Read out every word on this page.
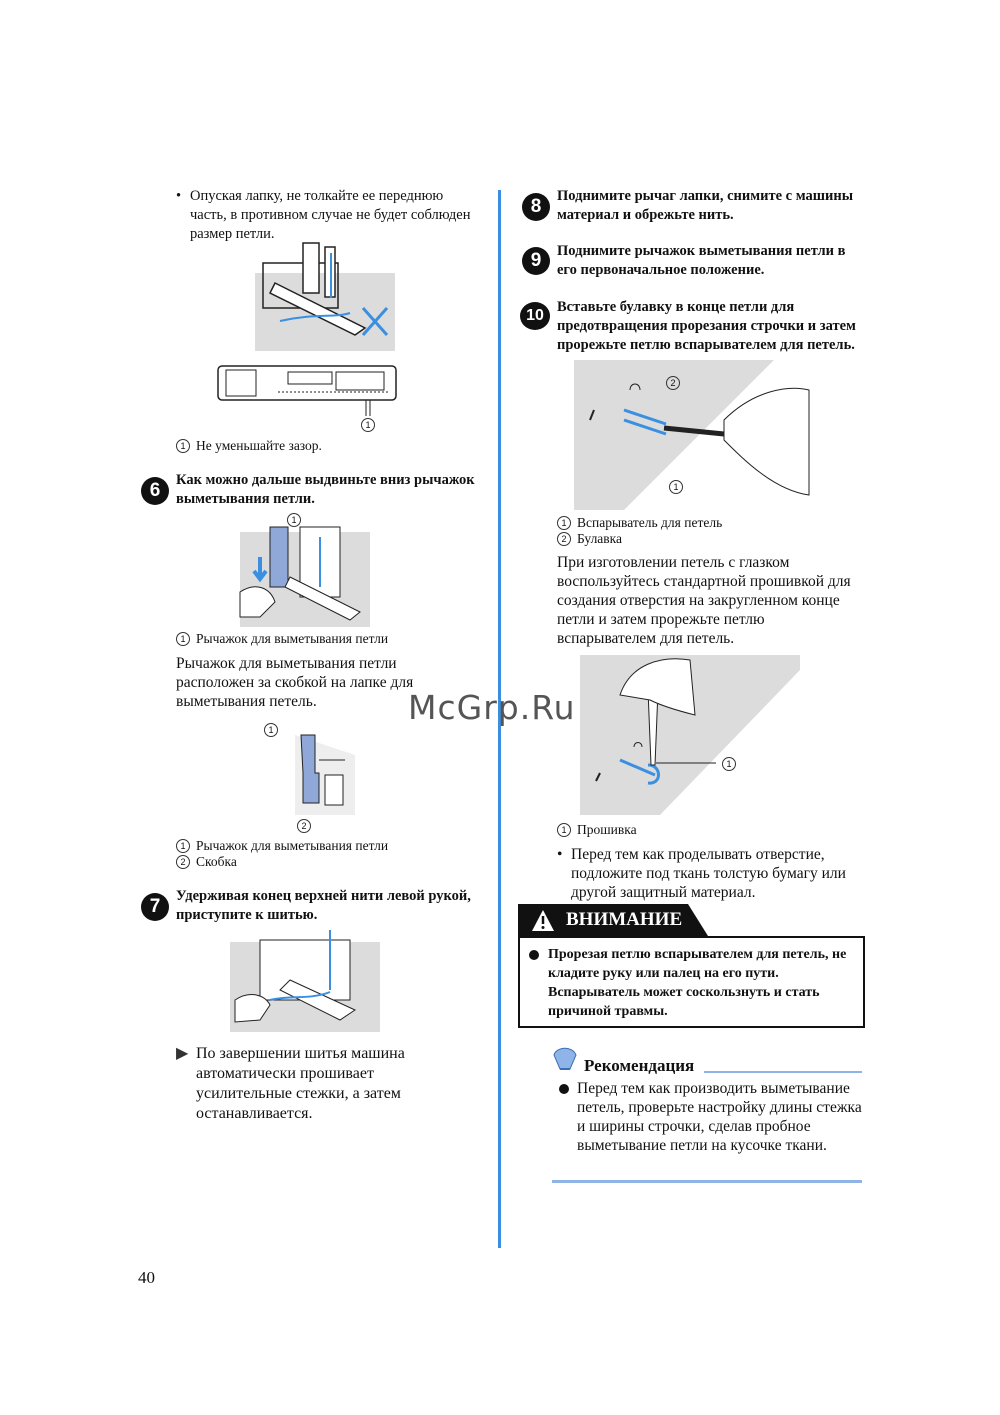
• Опуская лапку, не толкайте ее переднюю часть, в противном случае не будет соблюден размер петли.
1
1 Не уменьшайте зазор.
6	Как можно дальше выдвиньте вниз рычажок выметывания петли.
1
1 Рычажок для выметывания петли
Рычажок для выметывания петли расположен за скобкой на лапке для выметывания петель.
1
2
1 Рычажок для выметывания петли
2 Скобка
7	Удерживая конец верхней нити левой рукой, приступите к шитью.
▶ По завершении шитья машина автоматически прошивает усилительные стежки, а затем останавливается.
40
8	Поднимите рычаг лапки, снимите с машины материал и обрежьте нить.
9	Поднимите рычажок выметывания петли в его первоначальное положение.
10 Вставьте булавку в конце петли для предотвращения прорезания строчки и затем прорежьте петлю вспарывателем для петель.
2
1
1 Вспарыватель для петель
2 Булавка
При изготовлении петель с глазком воспользуйтесь стандартной прошивкой для создания отверстия на закругленном конце петли и затем прорежьте петлю вспарывателем для петель.
1
1 Прошивка
• Перед тем как проделывать отверстие, подложите под ткань толстую бумагу или другой защитный материал.
ВНИМАНИЕ
Прорезая петлю вспарывателем для петель, не кладите руку или палец на его пути. Вспарыватель может соскользнуть и стать причиной травмы.
Рекомендация
Перед тем как производить выметывание петель, проверьте настройку длины стежка и ширины строчки, сделав пробное выметывание петли на кусочке ткани.
McGrp.Ru
